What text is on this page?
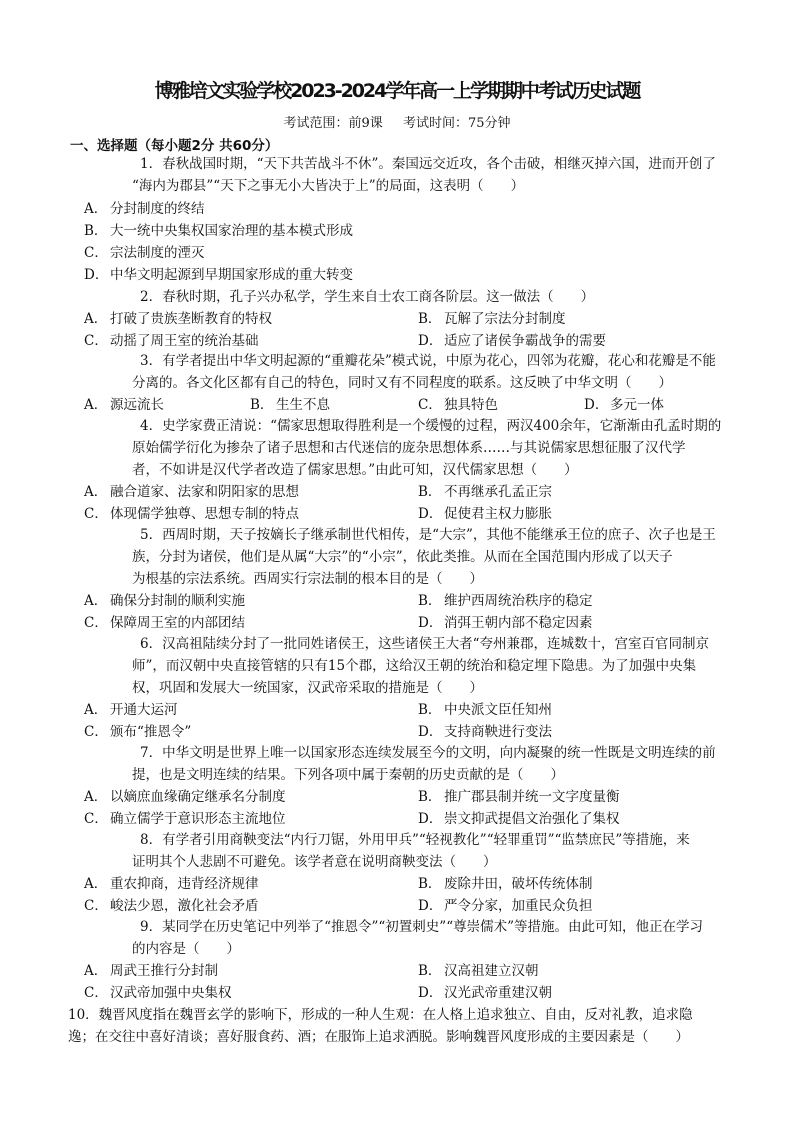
博雅培文实验学校2023-2024学年高一上学期期中考试历史试题
考试范围：前9课 考试时间：75分钟
一、选择题（每小题2分 共60分）
1．春秋战国时期，“天下共苦战斗不休”。秦国远交近攻，各个击破，相继灭掉六国，进而开创了
“海内为郡县”“天下之事无小大皆决于上”的局面，这表明（　　）
A． 分封制度的终结
B． 大一统中央集权国家治理的基本模式形成
C． 宗法制度的湮灭
D． 中华文明起源到早期国家形成的重大转变
2．春秋时期，孔子兴办私学，学生来自士农工商各阶层。这一做法（　　）
A． 打破了贵族垄断教育的特权	B． 瓦解了宗法分封制度
C． 动摇了周王室的统治基础	D． 适应了诸侯争霸战争的需要
3．有学者提出中华文明起源的“重瓣花朵”模式说，中原为花心，四邻为花瓣，花心和花瓣是不能
分离的。各文化区都有自己的特色，同时又有不同程度的联系。这反映了中华文明（　　）
A． 源远流长	B． 生生不息	C． 独具特色	D． 多元一体
4．史学家费正清说：“儒家思想取得胜利是一个缓慢的过程，两汉400余年，它渐渐由孔孟时期的
原始儒学衍化为掺杂了诸子思想和古代迷信的庞杂思想体系……与其说儒家思想征服了汉代学
者，不如讲是汉代学者改造了儒家思想。”由此可知，汉代儒家思想（　　）
A． 融合道家、法家和阴阳家的思想	B． 不再继承孔孟正宗
C． 体现儒学独尊、思想专制的特点	D． 促使君主权力膨胀
5．西周时期，天子按嫡长子继承制世代相传，是“大宗”，其他不能继承王位的庶子、次子也是王
族，分封为诸侯，他们是从属“大宗”的“小宗”，依此类推。从而在全国范围内形成了以天子
为根基的宗法系统。西周实行宗法制的根本目的是（　　）
A． 确保分封制的顺利实施	B． 维护西周统治秩序的稳定
C． 保障周王室的内部团结	D． 消弭王朝内部不稳定因素
6．汉高祖陆续分封了一批同姓诸侯王，这些诸侯王大者“夸州兼郡，连城数十，宫室百官同制京
师”，而汉朝中央直接管辖的只有15个郡，这给汉王朝的统治和稳定埋下隐患。为了加强中央集
权，巩固和发展大一统国家，汉武帝采取的措施是（　　）
A． 开通大运河	B． 中央派文臣任知州
C． 颁布“推恩令”	D． 支持商鞅进行变法
7．中华文明是世界上唯一以国家形态连续发展至今的文明，向内凝聚的统一性既是文明连续的前
提，也是文明连续的结果。下列各项中属于秦朝的历史贡献的是（　　）
A． 以嫡庶血缘确定继承名分制度	B． 推广郡县制并统一文字度量衡
C． 确立儒学于意识形态主流地位	D． 崇文抑武提倡文治强化了集权
8．有学者引用商鞅变法“内行刀锯，外用甲兵”“轻视教化”“轻罪重罚”“监禁庶民”等措施，来
证明其个人悲剧不可避免。该学者意在说明商鞅变法（　　）
A． 重农抑商，违背经济规律	B． 废除井田，破坏传统体制
C． 峻法少恩，激化社会矛盾	D． 严令分家，加重民众负担
9．某同学在历史笔记中列举了“推恩令”“初置刺史”“尊崇儒术”等措施。由此可知，他正在学习
的内容是（　　）
A． 周武王推行分封制	B． 汉高祖建立汉朝
C． 汉武帝加强中央集权	D． 汉光武帝重建汉朝
10．魏晋风度指在魏晋玄学的影响下，形成的一种人生观：在人格上追求独立、自由，反对礼教，追求隐
逸；在交往中喜好清谈；喜好服食药、酒；在服饰上追求洒脱。影响魏晋风度形成的主要因素是（　　）
